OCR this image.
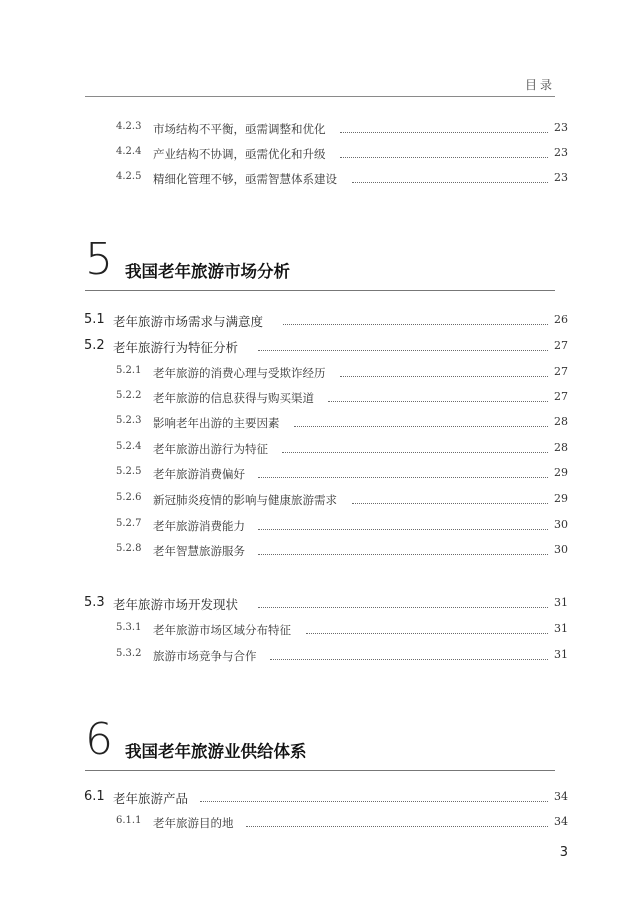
目录
4.2.3 市场结构不平衡，亟需调整和优化	23
4.2.4 产业结构不协调，亟需优化和升级	23
4.2.5 精细化管理不够，亟需智慧体系建设	23
5 我国老年旅游市场分析
5.1 老年旅游市场需求与满意度	26
5.2 老年旅游行为特征分析	27
5.2.1 老年旅游的消费心理与受欺诈经历	27
5.2.2 老年旅游的信息获得与购买渠道	27
5.2.3 影响老年出游的主要因素	28
5.2.4 老年旅游出游行为特征	28
5.2.5 老年旅游消费偏好	29
5.2.6 新冠肺炎疫情的影响与健康旅游需求	29
5.2.7 老年旅游消费能力	30
5.2.8 老年智慧旅游服务	30
5.3 老年旅游市场开发现状	31
5.3.1 老年旅游市场区域分布特征	31
5.3.2 旅游市场竞争与合作	31
6 我国老年旅游业供给体系
6.1 老年旅游产品	34
6.1.1 老年旅游目的地	34
3
